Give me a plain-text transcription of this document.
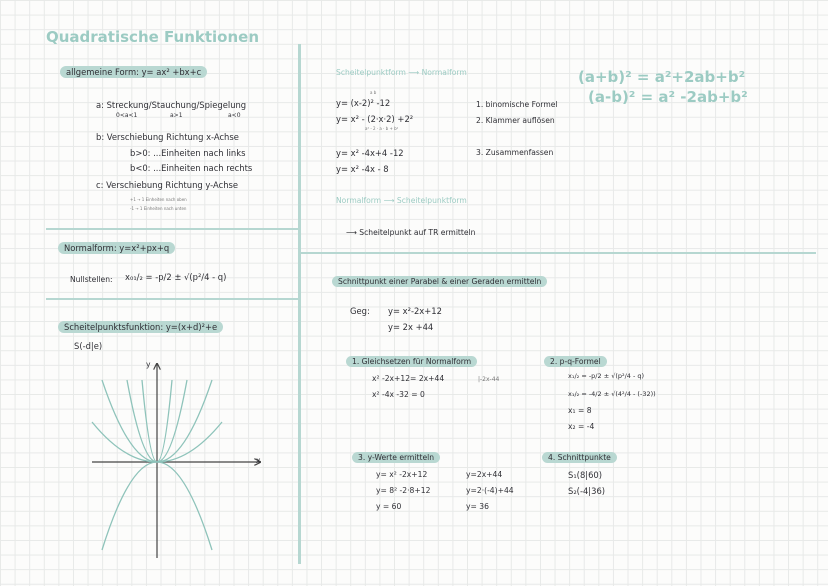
Quadratische Funktionen
allgemeine Form: y= ax² +bx+c
a: Streckung/Stauchung/Spiegelung
0<a<1	a>1	a<0
b: Verschiebung Richtung x-Achse
b>0: ...Einheiten nach links
b<0: ...Einheiten nach rechts
c: Verschiebung Richtung y-Achse
+1 → 1 Einheiten nach oben
-1 → 1 Einheiten nach unten
Normalform: y=x²+px+q
Nullstellen: x₀₁/₂ = -p/2 ± √(p²/4 - q)
Scheitelpunktsfunktion: y=(x+d)²+e
S(-d|e)
y
x
Scheitelpunktform ⟶ Normalform
a b
y= (x-2)² -12
y= x² - (2·x·2) +2²
a² - 2 · a · b + b²
y= x² -4x+4 -12
y= x² -4x - 8
1. binomische Formel
2. Klammer auflösen
3. Zusammenfassen
Normalform ⟶ Scheitelpunktform
⟶ Scheitelpunkt auf TR ermitteln
(a+b)² = a²+2ab+b²
(a-b)² = a² -2ab+b²
Schnittpunkt einer Parabel & einer Geraden ermitteln
Geg: y= x²-2x+12
y= 2x +44
1. Gleichsetzen für Normalform
x² -2x+12= 2x+44	|-2x-44
x² -4x -32 = 0
2. p-q-Formel
x₁/₂ = -p/2 ± √(p²/4 - q)
x₁/₂ = -4/2 ± √(4²/4 - (-32))
x₁ = 8
x₂ = -4
3. y-Werte ermitteln
y= x² -2x+12
y= 8² -2·8+12
y = 60
y=2x+44
y=2·(-4)+44
y= 36
4. Schnittpunkte
S₁(8|60)
S₂(-4|36)
